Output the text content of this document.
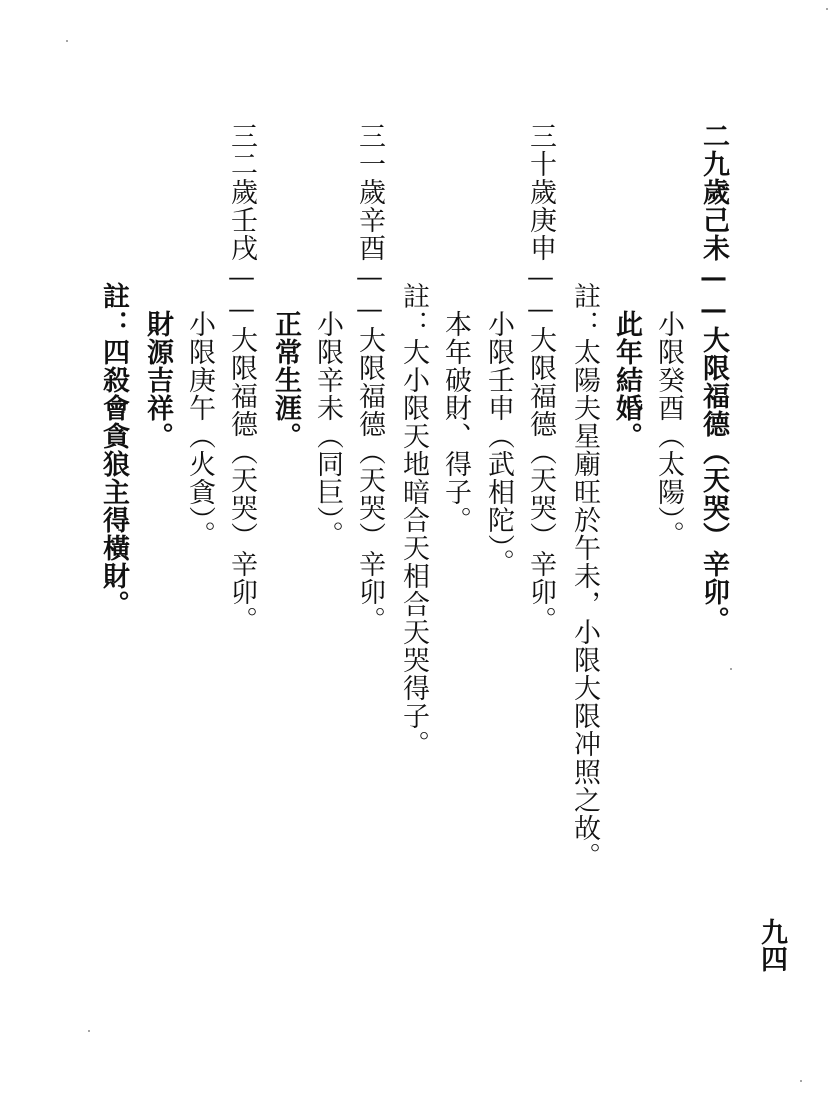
二九歲己未——大限福德（天哭）辛卯。
小限癸酉（太陽）。
此年結婚。
註：太陽夫星廟旺於午未，小限大限冲照之故。
三十歲庚申——大限福德（天哭）辛卯。
小限壬申（武相陀）。
本年破財、得子。
註：大小限天地暗合天相合天哭得子。
三一歲辛酉——大限福德（天哭）辛卯。
小限辛未（同巨）。
正常生涯。
三二歲壬戌——大限福德（天哭）辛卯。
小限庚午（火貪）。
財源吉祥。
註：四殺會貪狼主得橫財。
九四
